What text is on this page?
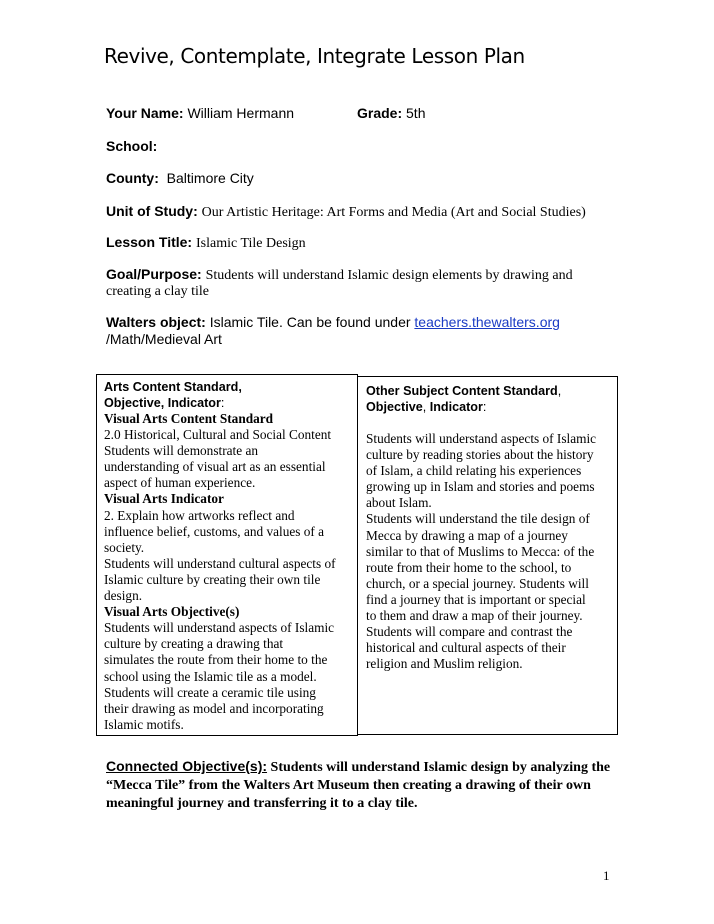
Revive, Contemplate, Integrate Lesson Plan
Your Name: William Hermann	Grade: 5th
School:
County: Baltimore City
Unit of Study: Our Artistic Heritage: Art Forms and Media (Art and Social Studies)
Lesson Title: Islamic Tile Design
Goal/Purpose: Students will understand Islamic design elements by drawing and
creating a clay tile
Walters object: Islamic Tile. Can be found under teachers.thewalters.org
/Math/Medieval Art
Arts Content Standard,
Objective, Indicator:
Visual Arts Content Standard
2.0 Historical, Cultural and Social Content
Students will demonstrate an
understanding of visual art as an essential
aspect of human experience.
Visual Arts Indicator
2. Explain how artworks reflect and
influence belief, customs, and values of a
society.
Students will understand cultural aspects of
Islamic culture by creating their own tile
design.
Visual Arts Objective(s)
Students will understand aspects of Islamic
culture by creating a drawing that
simulates the route from their home to the
school using the Islamic tile as a model.
Students will create a ceramic tile using
their drawing as model and incorporating
Islamic motifs.
Other Subject Content Standard,
Objective, Indicator:
Students will understand aspects of Islamic
culture by reading stories about the history
of Islam, a child relating his experiences
growing up in Islam and stories and poems
about Islam.
Students will understand the tile design of
Mecca by drawing a map of a journey
similar to that of Muslims to Mecca: of the
route from their home to the school, to
church, or a special journey. Students will
find a journey that is important or special
to them and draw a map of their journey.
Students will compare and contrast the
historical and cultural aspects of their
religion and Muslim religion.
Connected Objective(s): Students will understand Islamic design by analyzing the “Mecca Tile” from the Walters Art Museum then creating a drawing of their own meaningful journey and transferring it to a clay tile.
1
